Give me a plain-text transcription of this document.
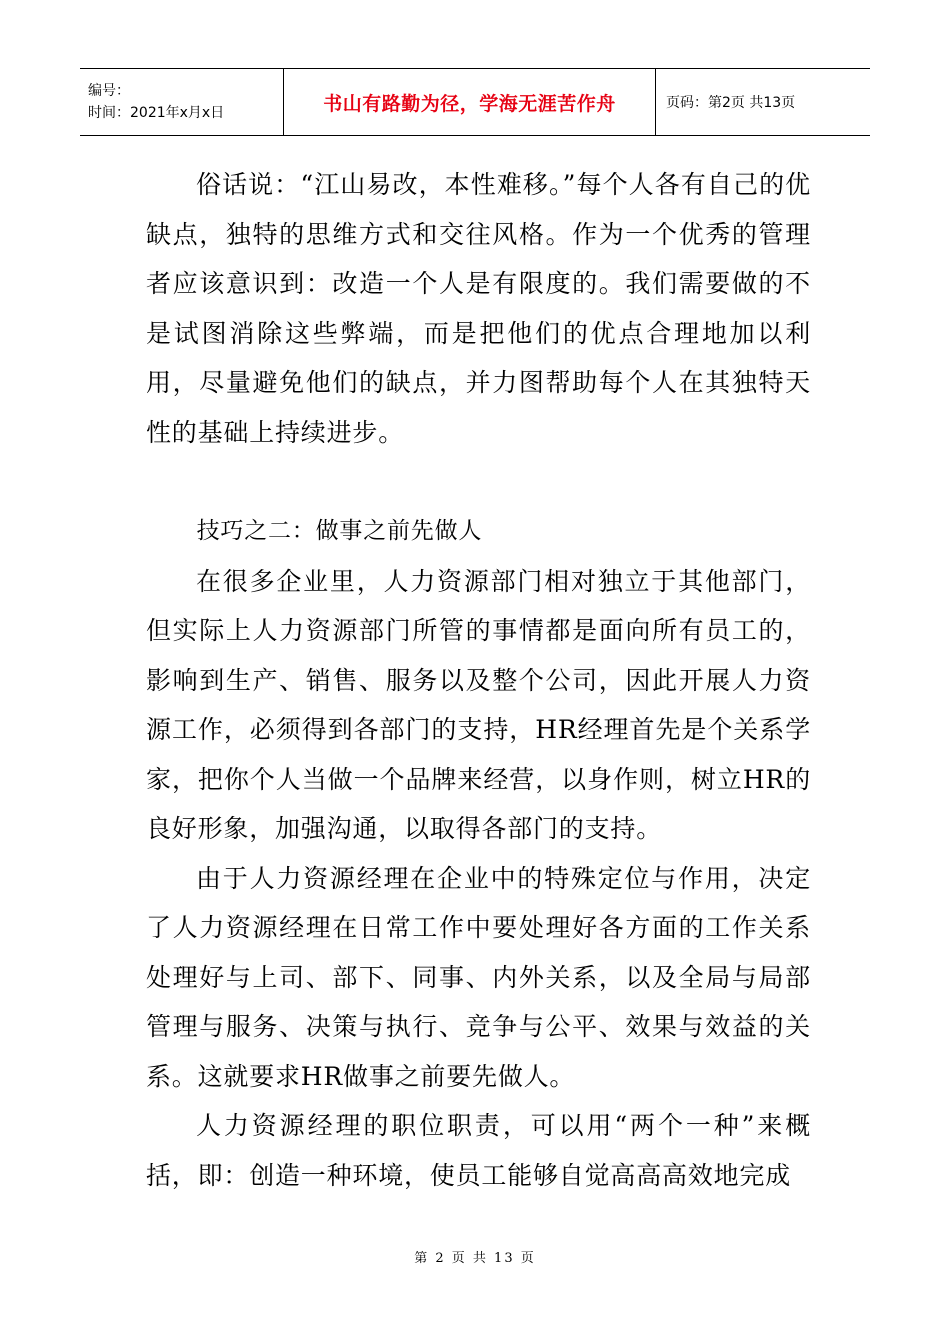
编号：
时间：2021年x月x日	书山有路勤为径，学海无涯苦作舟	页码：第2页 共13页

俗话说：“江山易改，本性难移。”每个人各有自己的优缺点，独特的思维方式和交往风格。作为一个优秀的管理者应该意识到：改造一个人是有限度的。我们需要做的不是试图消除这些弊端，而是把他们的优点合理地加以利用，尽量避免他们的缺点，并力图帮助每个人在其独特天性的基础上持续进步。

技巧之二：做事之前先做人

在很多企业里，人力资源部门相对独立于其他部门，但实际上人力资源部门所管的事情都是面向所有员工的，影响到生产、销售、服务以及整个公司，因此开展人力资源工作，必须得到各部门的支持，HR经理首先是个关系学家，把你个人当做一个品牌来经营，以身作则，树立HR的良好形象，加强沟通，以取得各部门的支持。

由于人力资源经理在企业中的特殊定位与作用，决定了人力资源经理在日常工作中要处理好各方面的工作关系处理好与上司、部下、同事、内外关系，以及全局与局部管理与服务、决策与执行、竞争与公平、效果与效益的关系。这就要求HR做事之前要先做人。

人力资源经理的职位职责，可以用“两个一种”来概括，即：创造一种环境，使员工能够自觉高高高效地完成

第 2 页 共 13 页
